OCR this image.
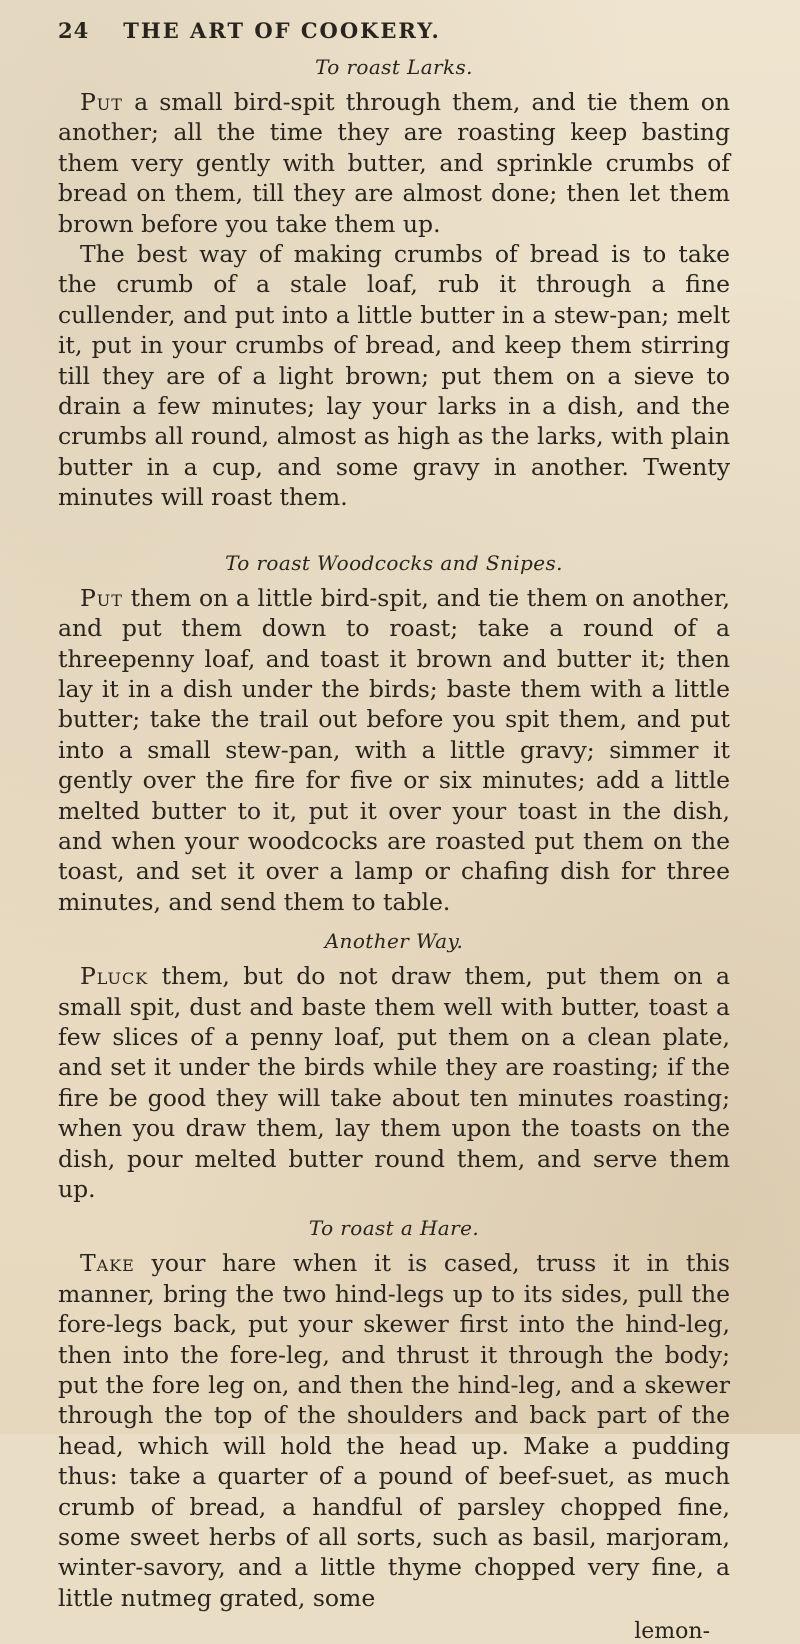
24 THE ART OF COOKERY.
To roast Larks.

Put a small bird-spit through them, and tie them on another; all the time they are roasting keep basting them very gently with butter, and sprinkle crumbs of bread on them, till they are almost done; then let them brown before you take them up.

The best way of making crumbs of bread is to take the crumb of a stale loaf, rub it through a fine cullender, and put into a little butter in a stew-pan; melt it, put in your crumbs of bread, and keep them stirring till they are of a light brown; put them on a sieve to drain a few minutes; lay your larks in a dish, and the crumbs all round, almost as high as the larks, with plain butter in a cup, and some gravy in another. Twenty minutes will roast them.

To roast Woodcocks and Snipes.

Put them on a little bird-spit, and tie them on another, and put them down to roast; take a round of a threepenny loaf, and toast it brown and butter it; then lay it in a dish under the birds; baste them with a little butter; take the trail out before you spit them, and put into a small stew-pan, with a little gravy; simmer it gently over the fire for five or six minutes; add a little melted butter to it, put it over your toast in the dish, and when your woodcocks are roasted put them on the toast, and set it over a lamp or chafing dish for three minutes, and send them to table.

Another Way.

Pluck them, but do not draw them, put them on a small spit, dust and baste them well with butter, toast a few slices of a penny loaf, put them on a clean plate, and set it under the birds while they are roasting; if the fire be good they will take about ten minutes roasting; when you draw them, lay them upon the toasts on the dish, pour melted butter round them, and serve them up.

To roast a Hare.

Take your hare when it is cased, truss it in this manner, bring the two hind-legs up to its sides, pull the fore-legs back, put your skewer first into the hind-leg, then into the fore-leg, and thrust it through the body; put the fore leg on, and then the hind-leg, and a skewer through the top of the shoulders and back part of the head, which will hold the head up. Make a pudding thus: take a quarter of a pound of beef-suet, as much crumb of bread, a handful of parsley chopped fine, some sweet herbs of all sorts, such as basil, marjoram, winter-savory, and a little thyme chopped very fine, a little nutmeg grated, some

lemon-
